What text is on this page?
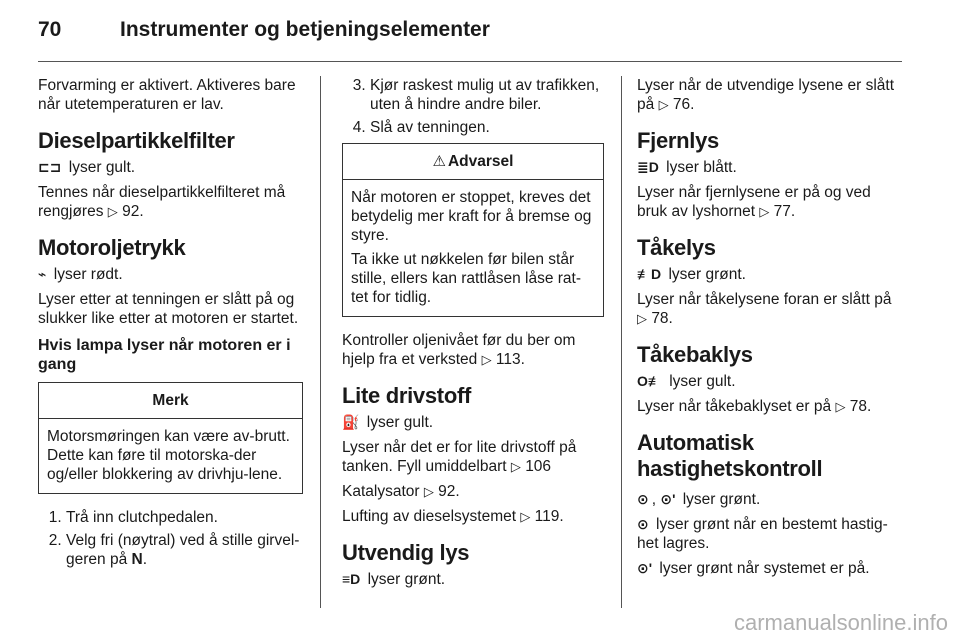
70	Instrumenter og betjeningselementer

Forvarming er aktivert. Aktiveres bare når utetemperaturen er lav.

Dieselpartikkelfilter

⊏⊐ lyser gult.

Tennes når dieselpartikkelfilteret må rengjøres ▷ 92.

Motoroljetrykk

⌁ lyser rødt.

Lyser etter at tenningen er slått på og slukker like etter at motoren er startet.

Hvis lampa lyser når motoren er i gang
Merk

Motorsmøringen kan være av-brutt. Dette kan føre til motorska-der og/eller blokkering av drivhju-lene.

1. Trå inn clutchpedalen.
2. Velg fri (nøytral) ved å stille girvel-geren på N.
3. Kjør raskest mulig ut av trafikken, uten å hindre andre biler.
4. Slå av tenningen.
⚠ Advarsel

Når motoren er stoppet, kreves det betydelig mer kraft for å bremse og styre.

Ta ikke ut nøkkelen før bilen står stille, ellers kan rattlåsen låse rat-tet for tidlig.

Kontroller oljenivået før du ber om hjelp fra et verksted ▷ 113.

Lite drivstoff

⛽ lyser gult.

Lyser når det er for lite drivstoff på tanken. Fyll umiddelbart ▷ 106

Katalysator ▷ 92.

Lufting av dieselsystemet ▷ 119.

Utvendig lys

≡D lyser grønt.

Lyser når de utvendige lysene er slått på ▷ 76.

Fjernlys

≣D lyser blått.

Lyser når fjernlysene er på og ved bruk av lyshornet ▷ 77.

Tåkelys

≢D lyser grønt.

Lyser når tåkelysene foran er slått på ▷ 78.

Tåkebaklys

O≢ lyser gult.

Lyser når tåkebaklyset er på ▷ 78.

Automatisk
hastighetskontroll

⊙ , ⊙' lyser grønt.

⊙ lyser grønt når en bestemt hastig-het lagres.

⊙' lyser grønt når systemet er på.

carmanualsonline.info
